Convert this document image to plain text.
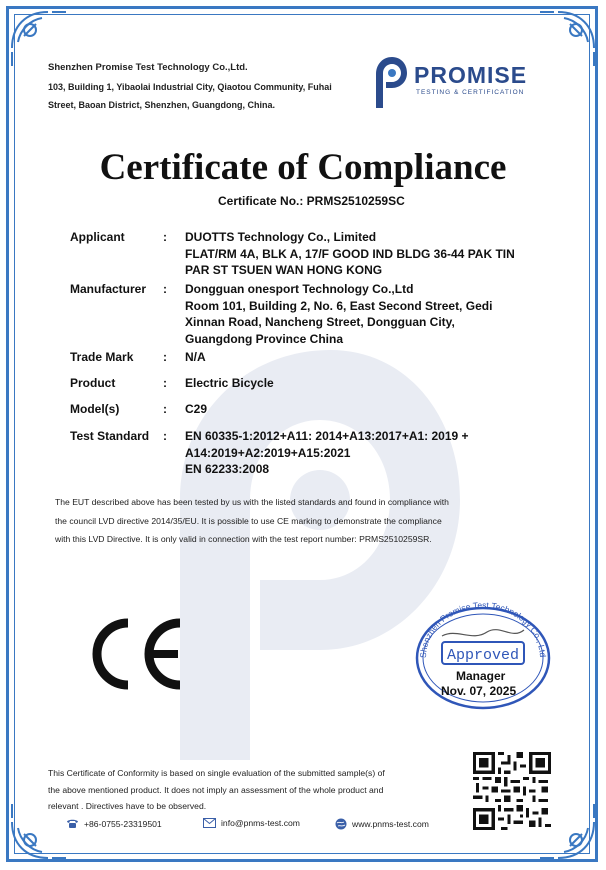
Shenzhen Promise Test Technology Co.,Ltd.
103, Building 1, Yibaolai Industrial City, Qiaotou Community, Fuhai
Street, Baoan District, Shenzhen, Guangdong, China.
PROMISE
TESTING & CERTIFICATION
Certificate of Compliance
Certificate No.: PRMS2510259SC
Applicant	: DUOTTS Technology Co., Limited
FLAT/RM 4A, BLK A, 17/F GOOD IND BLDG 36-44 PAK TIN
PAR ST TSUEN WAN HONG KONG
Manufacturer : Dongguan onesport Technology Co.,Ltd
Room 101, Building 2, No. 6, East Second Street, Gedi
Xinnan Road, Nancheng Street, Dongguan City,
Guangdong Province China
Trade Mark : N/A
Product	: Electric Bicycle
Model(s)	: C29
Test Standard : EN 60335-1:2012+A11: 2014+A13:2017+A1: 2019 +
A14:2019+A2:2019+A15:2021
EN 62233:2008
The EUT described above has been tested by us with the listed standards and found in compliance with
the council LVD directive 2014/35/EU. It is possible to use CE marking to demonstrate the compliance
with this LVD Directive. It is only valid in connection with the test report number: PRMS2510259SR.
Shenzhen Promise Test Technology Co., Ltd
Approved
Manager
Nov. 07, 2025
This Certificate of Conformity is based on single evaluation of the submitted sample(s) of
the above mentioned product. It does not imply an assessment of the whole product and
relevant . Directives have to be observed.
+86-0755-23319501	info@pnms-test.com	www.pnms-test.com
